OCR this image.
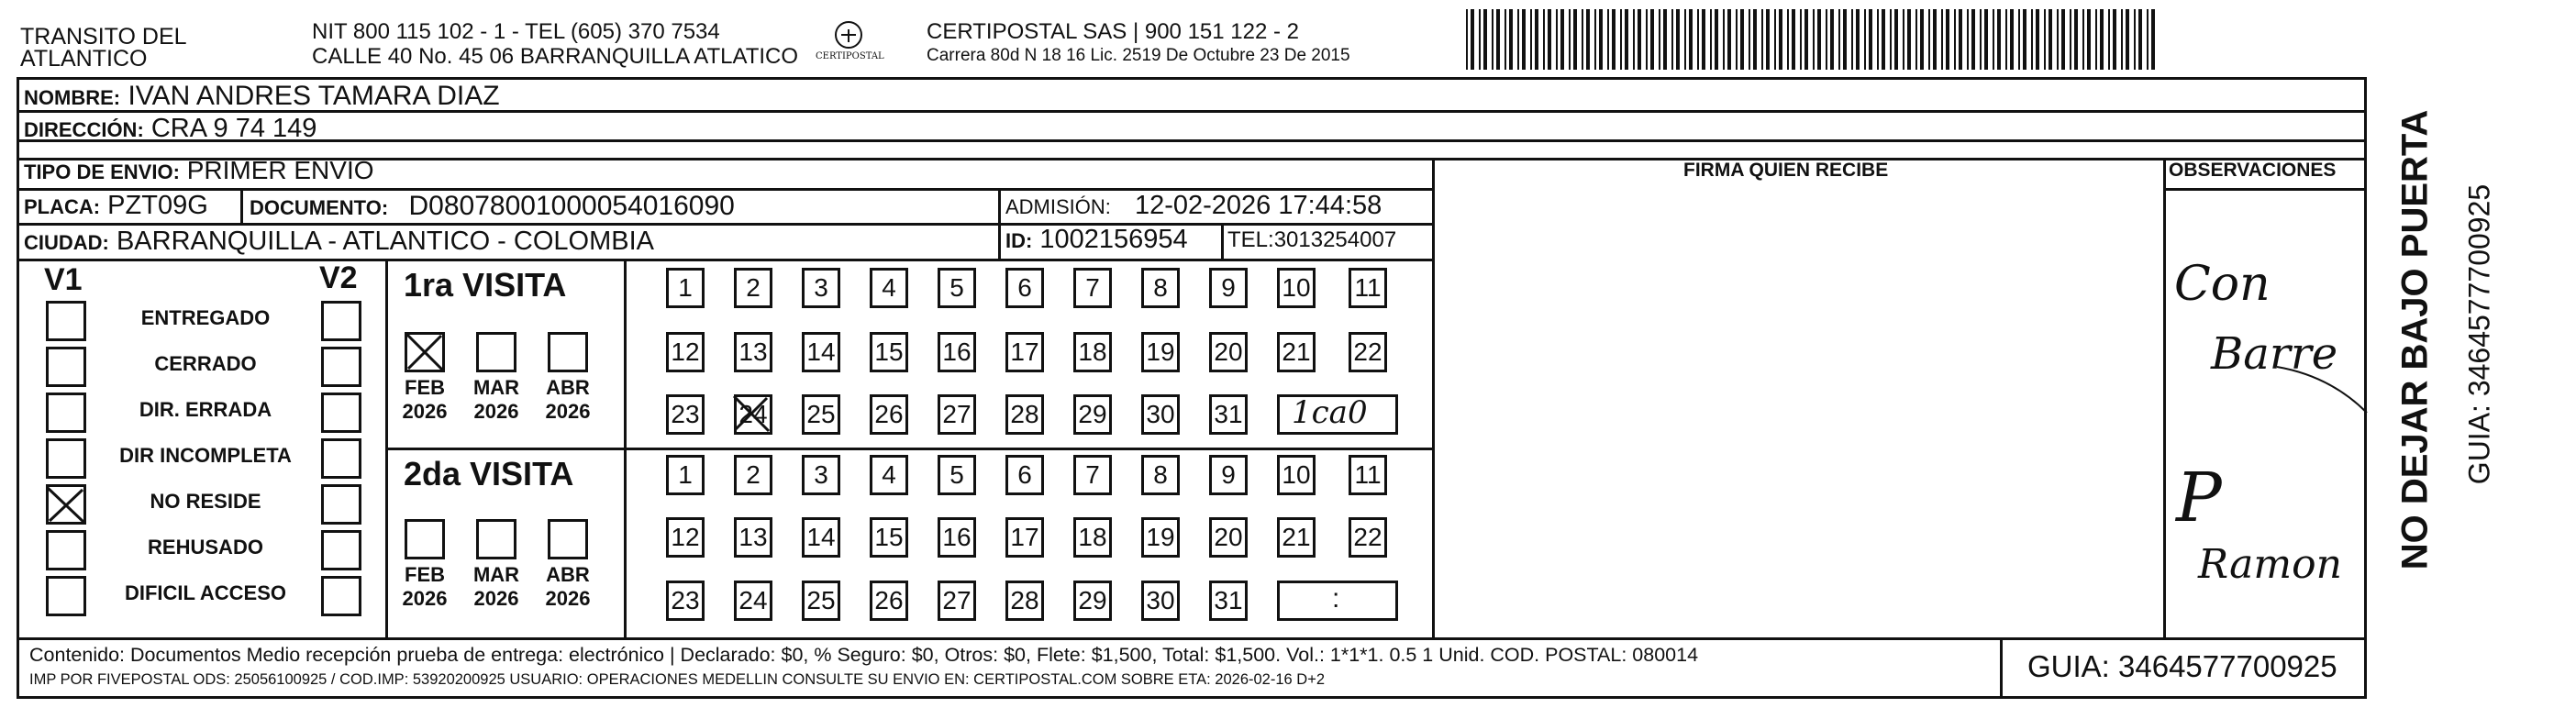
TRANSITO DEL
ATLANTICO
NIT 800 115 102 - 1 - TEL (605) 370 7534
CALLE 40 No. 45 06 BARRANQUILLA ATLATICO CERTIPOSTAL
CERTIPOSTAL SAS | 900 151 122 - 2
Carrera 80d N 18 16 Lic. 2519 De Octubre 23 De 2015
NOMBRE: IVAN ANDRES TAMARA DIAZ
DIRECCIÓN: CRA 9 74 149
TIPO DE ENVIO: PRIMER ENVIO	FIRMA QUIEN RECIBE	OBSERVACIONES
PLACA: PZT09G DOCUMENTO: D08078001000054016090	ADMISIÓN: 12-02-2026 17:44:58
CIUDAD: BARRANQUILLA - ATLANTICO - COLOMBIA	ID: 1002156954 TEL:3013254007
V1	V2
ENTREGADO
CERRADO
DIR. ERRADA
DIR INCOMPLETA
NO RESIDE
REHUSADO
DIFICIL ACCESO
1ra VISITA
FEB
2026
MAR
2026
ABR
2026
1	2	3	4	5	6	7	8	9	10 11
12 13 14 15 16 17 18 19 20 21 22
23 24 25 26 27 28 29 30 31 1ca0
2da VISITA
FEB
2026
MAR
2026
ABR
2026
1	2	3	4	5	6	7	8	9	10 11
12 13 14 15 16 17 18 19 20 21 22
23 24 25 26 27 28 29 30 31	:
Con
Barre
P
Ramon NO DEJAR BAJO PUERTA GUIA: 3464577700925
Contenido: Documentos Medio recepción prueba de entrega: electrónico | Declarado: $0, % Seguro: $0, Otros: $0, Flete: $1,500, Total: $1,500. Vol.: 1*1*1. 0.5 1 Unid. COD. POSTAL: 080014
IMP POR FIVEPOSTAL ODS: 25056100925 / COD.IMP: 53920200925 USUARIO: OPERACIONES MEDELLIN CONSULTE SU ENVIO EN: CERTIPOSTAL.COM SOBRE ETA: 2026-02-16 D+2	GUIA: 3464577700925
